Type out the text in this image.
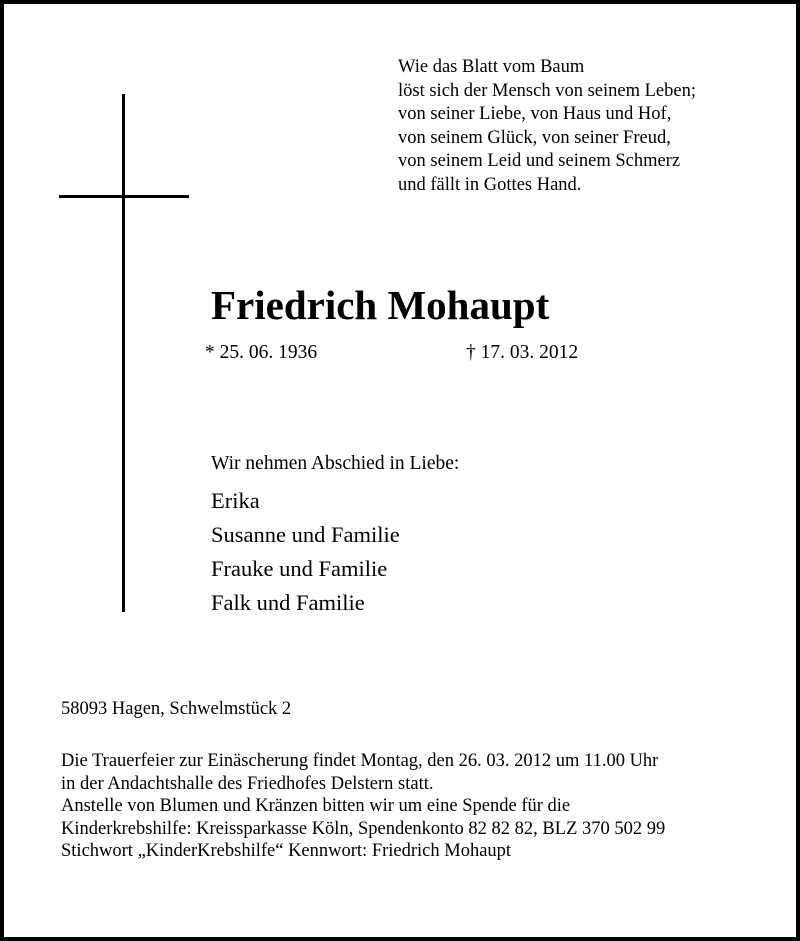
Wie das Blatt vom Baum
löst sich der Mensch von seinem Leben;
von seiner Liebe, von Haus und Hof,
von seinem Glück, von seiner Freud,
von seinem Leid und seinem Schmerz
und fällt in Gottes Hand.
Friedrich Mohaupt
* 25. 06. 1936	† 17. 03. 2012
Wir nehmen Abschied in Liebe:
Erika
Susanne und Familie
Frauke und Familie
Falk und Familie
58093 Hagen, Schwelmstück 2
Die Trauerfeier zur Einäscherung findet Montag, den 26. 03. 2012 um 11.00 Uhr
in der Andachtshalle des Friedhofes Delstern statt.
Anstelle von Blumen und Kränzen bitten wir um eine Spende für die
Kinderkrebshilfe: Kreissparkasse Köln, Spendenkonto 82 82 82, BLZ 370 502 99
Stichwort „KinderKrebshilfe“ Kennwort: Friedrich Mohaupt
